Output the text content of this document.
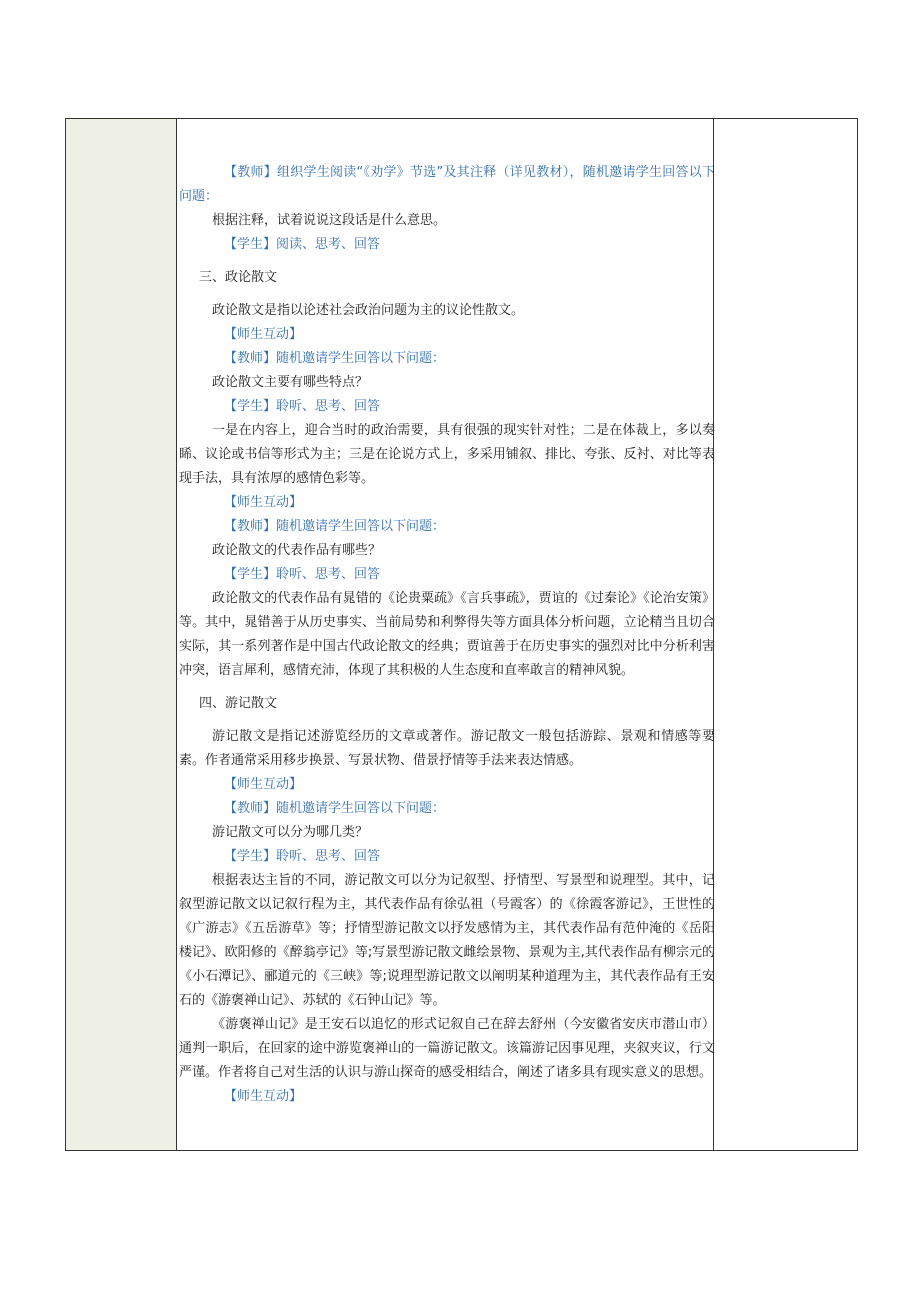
【教师】组织学生阅读“《劝学》节选”及其注释（详见教材），随机邀请学生回答以下问题：

根据注释，试着说说这段话是什么意思。

【学生】阅读、思考、回答

三、政论散文

政论散文是指以论述社会政治问题为主的议论性散文。

【师生互动】

【教师】随机邀请学生回答以下问题：

政论散文主要有哪些特点？

【学生】聆听、思考、回答

一是在内容上，迎合当时的政治需要，具有很强的现实针对性；二是在体裁上，多以奏睎、议论或书信等形式为主；三是在论说方式上，多采用铺叙、排比、夸张、反衬、对比等表现手法，具有浓厚的感情色彩等。

【师生互动】

【教师】随机邀请学生回答以下问题：

政论散文的代表作品有哪些？

【学生】聆听、思考、回答

政论散文的代表作品有晁错的《论贵粟疏》《言兵事疏》，贾谊的《过秦论》《论治安策》等。其中，晁错善于从历史事实、当前局势和利弊得失等方面具体分析问题，立论精当且切合实际，其一系列著作是中国古代政论散文的经典；贾谊善于在历史事实的强烈对比中分析利害冲突，语言犀利，感情充沛，体现了其积极的人生态度和直率敢言的精神风貌。

四、游记散文

游记散文是指记述游览经历的文章或著作。游记散文一般包括游踪、景观和情感等要素。作者通常采用移步换景、写景状物、借景抒情等手法来表达情感。

【师生互动】

【教师】随机邀请学生回答以下问题：

游记散文可以分为哪几类？

【学生】聆听、思考、回答

根据表达主旨的不同，游记散文可以分为记叙型、抒情型、写景型和说理型。其中，记叙型游记散文以记叙行程为主，其代表作品有徐弘祖（号霞客）的《徐霞客游记》，王世性的《广游志》《五岳游草》等；抒情型游记散文以抒发感情为主，其代表作品有范仲淹的《岳阳楼记》、欧阳修的《醉翁亭记》等;写景型游记散文雌绘景物、景观为主,其代表作品有柳宗元的《小石潭记》、郦道元的《三峡》等;说理型游记散文以阐明某种道理为主，其代表作品有王安石的《游褒禅山记》、苏轼的《石钟山记》等。

《游褒禅山记》是王安石以追忆的形式记叙自己在辞去舒州（今安徽省安庆市潜山市）通判一职后，在回家的途中游览褒禅山的一篇游记散文。该篇游记因事见理，夹叙夹议，行文严谨。作者将自己对生活的认识与游山探奇的感受相结合，阐述了诸多具有现实意义的思想。

【师生互动】
